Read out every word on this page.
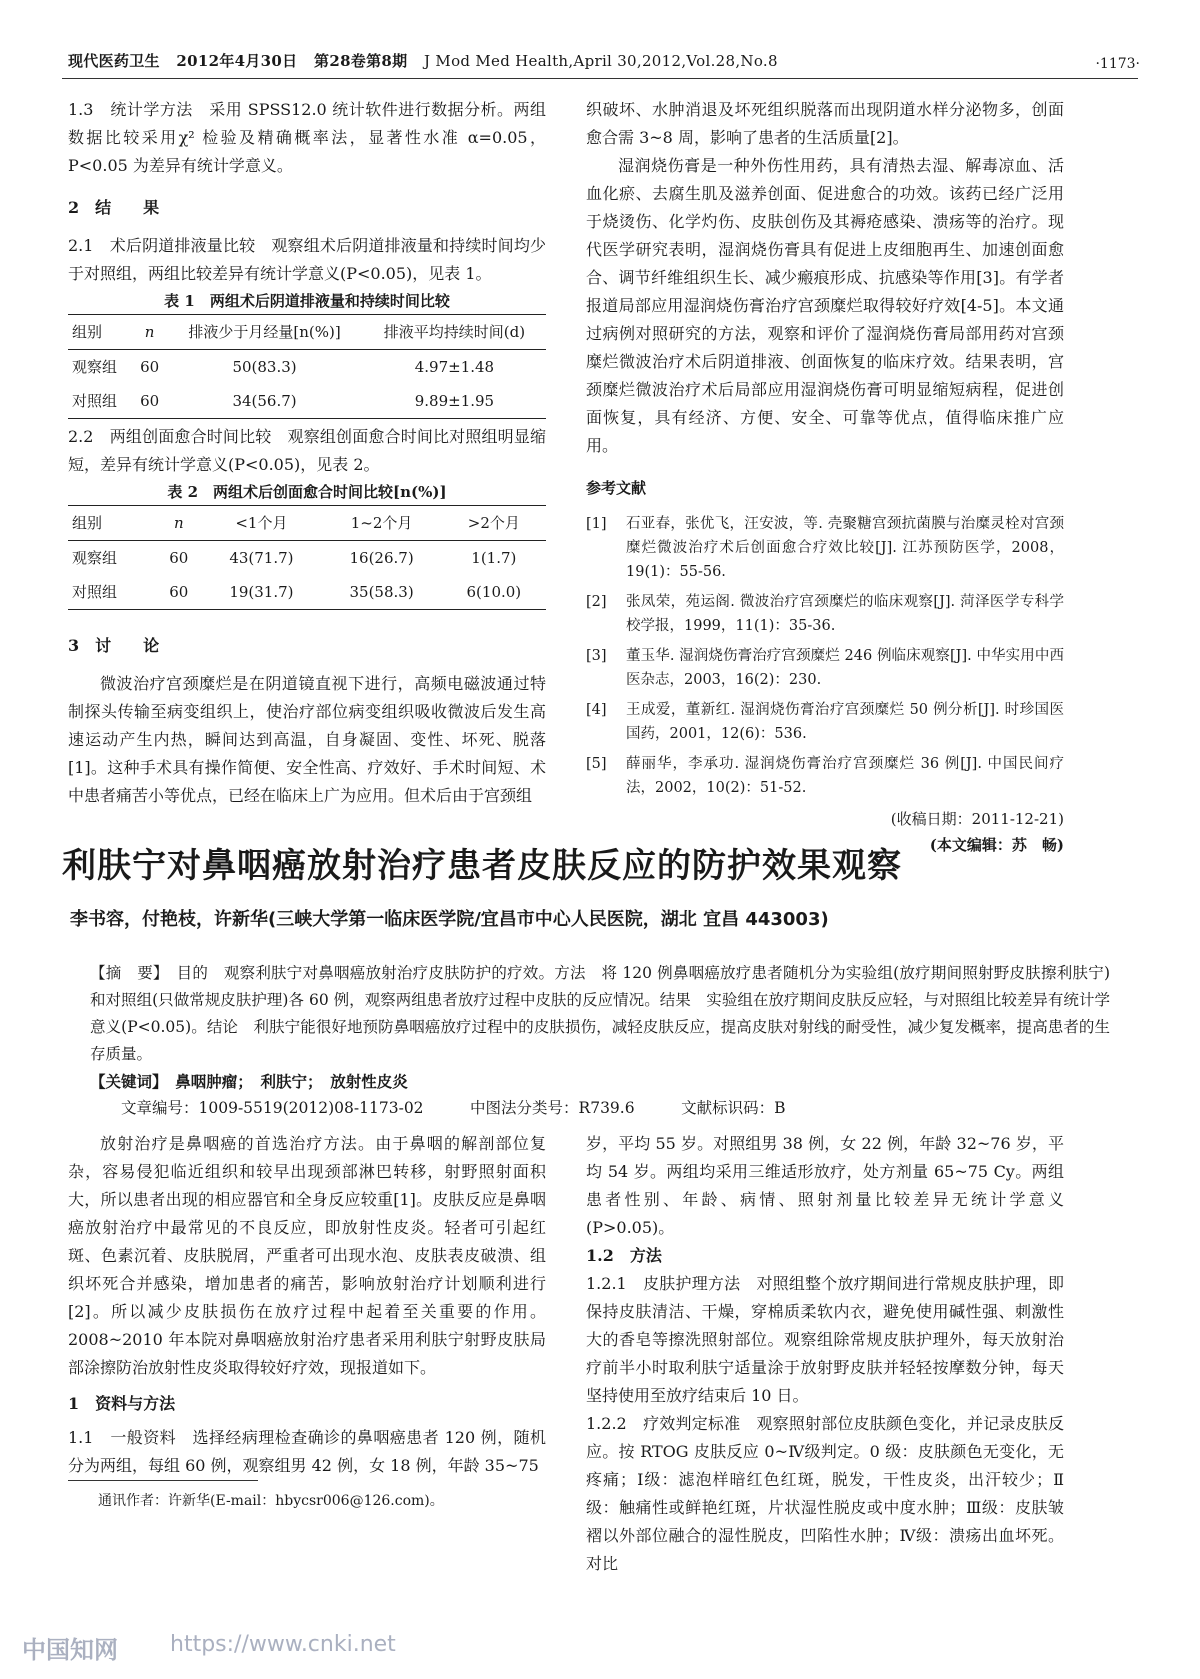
现代医药卫生 2012年4月30日 第28卷第8期 J Mod Med Health,April 30,2012,Vol.28,No.8	·1173·

1.3　统计学方法　采用 SPSS12.0 统计软件进行数据分析。两组数据比较采用χ² 检验及精确概率法，显著性水准 α=0.05，P<0.05 为差异有统计学意义。

2　结　　果

2.1　术后阴道排液量比较　观察组术后阴道排液量和持续时间均少于对照组，两组比较差异有统计学意义(P<0.05)，见表 1。

表 1　两组术后阴道排液量和持续时间比较
组别	n	排液少于月经量[n(%)]	排液平均持续时间(d)
观察组	60	50(83.3)	4.97±1.48
对照组	60	34(56.7)	9.89±1.95

2.2　两组创面愈合时间比较　观察组创面愈合时间比对照组明显缩短，差异有统计学意义(P<0.05)，见表 2。

表 2　两组术后创面愈合时间比较[n(%)]
组别	n	<1个月	1~2个月	>2个月
观察组	60	43(71.7)	16(26.7)	1(1.7)
对照组	60	19(31.7)	35(58.3)	6(10.0)

3　讨　　论

微波治疗宫颈糜烂是在阴道镜直视下进行，高频电磁波通过特制探头传输至病变组织上，使治疗部位病变组织吸收微波后发生高速运动产生内热，瞬间达到高温，自身凝固、变性、坏死、脱落[1]。这种手术具有操作简便、安全性高、疗效好、手术时间短、术中患者痛苦小等优点，已经在临床上广为应用。但术后由于宫颈组

织破坏、水肿消退及坏死组织脱落而出现阴道水样分泌物多，创面愈合需 3~8 周，影响了患者的生活质量[2]。

湿润烧伤膏是一种外伤性用药，具有清热去湿、解毒凉血、活血化瘀、去腐生肌及滋养创面、促进愈合的功效。该药已经广泛用于烧烫伤、化学灼伤、皮肤创伤及其褥疮感染、溃疡等的治疗。现代医学研究表明，湿润烧伤膏具有促进上皮细胞再生、加速创面愈合、调节纤维组织生长、减少瘢痕形成、抗感染等作用[3]。有学者报道局部应用湿润烧伤膏治疗宫颈糜烂取得较好疗效[4-5]。本文通过病例对照研究的方法，观察和评价了湿润烧伤膏局部用药对宫颈糜烂微波治疗术后阴道排液、创面恢复的临床疗效。结果表明，宫颈糜烂微波治疗术后局部应用湿润烧伤膏可明显缩短病程，促进创面恢复，具有经济、方便、安全、可靠等优点，值得临床推广应用。

参考文献

[1] 石亚春，张优飞，汪安波，等. 壳聚糖宫颈抗菌膜与治糜灵栓对宫颈糜烂微波治疗术后创面愈合疗效比较[J]. 江苏预防医学，2008，19(1)：55-56.
[2] 张凤荣，苑运阁. 微波治疗宫颈糜烂的临床观察[J]. 菏泽医学专科学校学报，1999，11(1)：35-36.
[3] 董玉华. 湿润烧伤膏治疗宫颈糜烂 246 例临床观察[J]. 中华实用中西医杂志，2003，16(2)：230.
[4] 王成爱，董新红. 湿润烧伤膏治疗宫颈糜烂 50 例分析[J]. 时珍国医国药，2001，12(6)：536.
[5] 薛丽华，李承功. 湿润烧伤膏治疗宫颈糜烂 36 例[J]. 中国民间疗法，2002，10(2)：51-52.
(收稿日期：2011-12-21)
(本文编辑：苏　畅)
利肤宁对鼻咽癌放射治疗患者皮肤反应的防护效果观察
李书容，付艳枝，许新华(三峡大学第一临床医学院/宜昌市中心人民医院，湖北 宜昌 443003)

【摘　要】　目的　观察利肤宁对鼻咽癌放射治疗皮肤防护的疗效。方法　将 120 例鼻咽癌放疗患者随机分为实验组(放疗期间照射野皮肤擦利肤宁)和对照组(只做常规皮肤护理)各 60 例，观察两组患者放疗过程中皮肤的反应情况。结果　实验组在放疗期间皮肤反应轻，与对照组比较差异有统计学意义(P<0.05)。结论　利肤宁能很好地预防鼻咽癌放疗过程中的皮肤损伤，减轻皮肤反应，提高皮肤对射线的耐受性，减少复发概率，提高患者的生存质量。

【关键词】　鼻咽肿瘤；　利肤宁；　放射性皮炎

文章编号：1009-5519(2012)08-1173-02　　　中图法分类号：R739.6　　　文献标识码：B

放射治疗是鼻咽癌的首选治疗方法。由于鼻咽的解剖部位复杂，容易侵犯临近组织和较早出现颈部淋巴转移，射野照射面积大，所以患者出现的相应器官和全身反应较重[1]。皮肤反应是鼻咽癌放射治疗中最常见的不良反应，即放射性皮炎。轻者可引起红斑、色素沉着、皮肤脱屑，严重者可出现水泡、皮肤表皮破溃、组织坏死合并感染，增加患者的痛苦，影响放射治疗计划顺利进行[2]。所以减少皮肤损伤在放疗过程中起着至关重要的作用。2008~2010 年本院对鼻咽癌放射治疗患者采用利肤宁射野皮肤局部涂擦防治放射性皮炎取得较好疗效，现报道如下。

1　资料与方法

1.1　一般资料　选择经病理检查确诊的鼻咽癌患者 120 例，随机分为两组，每组 60 例，观察组男 42 例，女 18 例，年龄 35~75

岁，平均 55 岁。对照组男 38 例，女 22 例，年龄 32~76 岁，平均 54 岁。两组均采用三维适形放疗，处方剂量 65~75 Cy。两组患者性别、年龄、病情、照射剂量比较差异无统计学意义(P>0.05)。

1.2　方法

1.2.1　皮肤护理方法　对照组整个放疗期间进行常规皮肤护理，即保持皮肤清洁、干燥，穿棉质柔软内衣，避免使用碱性强、刺激性大的香皂等擦洗照射部位。观察组除常规皮肤护理外，每天放射治疗前半小时取利肤宁适量涂于放射野皮肤并轻轻按摩数分钟，每天坚持使用至放疗结束后 10 日。

1.2.2　疗效判定标准　观察照射部位皮肤颜色变化，并记录皮肤反应。按 RTOG 皮肤反应 0~Ⅳ级判定。0 级：皮肤颜色无变化，无疼痛；Ⅰ级：滤泡样暗红色红斑，脱发，干性皮炎，出汗较少；Ⅱ级：触痛性或鲜艳红斑，片状湿性脱皮或中度水肿；Ⅲ级：皮肤皱褶以外部位融合的湿性脱皮，凹陷性水肿；Ⅳ级：溃疡出血坏死。对比

通讯作者：许新华(E-mail：hbycsr006@126.com)。
中国知网 https://www.cnki.net
